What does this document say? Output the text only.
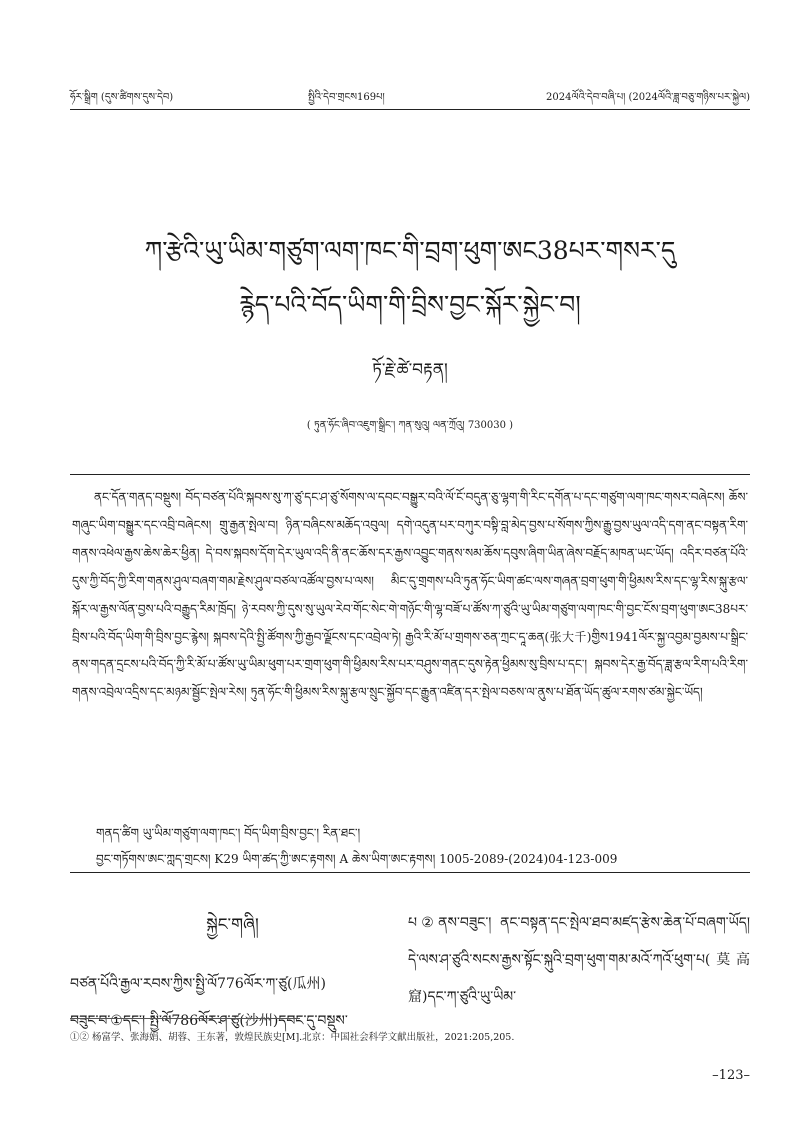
ཧོར་སྒྲིག (དུས་ཚིགས་དུས་དེབ)	སྤྱིའི་དེབ་གྲངས169པ།	2024ལོའི་དེབ་བཞི་པ། (2024ལོའི་ཟླ་བཅུ་གཉིས་པར་སྐྱེལ)
ཀ་རྩེའི་ཡུ་ཡིམ་གཙུག་ལག་ཁང་གི་བྲག་ཕུག་ཨང38པར་གསར་དུ
རྙེད་པའི་བོད་ཡིག་གི་བྲིས་བྱང་སྐོར་སྐྱེང་བ།
ཏོ་རྗེ་ཚེ་བརྟན།
( ཏུན་ཧོང་ཞིབ་འཇུག་སྒྲིང་། ཀན་སུའུ། ལན་ཀྲོའུ། 730030 )
ནང་དོན་གནད་བསྡུས། བོད་བཙན་པོའི་སྐབས་སུ་ཀ་ཙུ་དང་ཤ་ཙུ་སོགས་ལ་དབང་བསྒྱུར་བའི་ལོ་ངོ་བདུན་ཅུ་ལྷག་གི་རིང་དགོན་པ་དང་གཙུག་ལག་ཁང་གསར་བཞེངས། ཆོས་གཞུང་ཡིག་བསྒྱུར་དང་འབྲི་བཞེངས། གྲུ་རྒྱན་སྤེལ་བ། ཉིན་བཞིངས་མཆོད་འབུལ། དགེ་འདུན་པར་བཀུར་བསྟི་བླ་མེད་བྱས་པ་སོགས་ཀྱིས་རྒྱུ་བྱས་ཡུལ་འདི་དག་ནང་བསྟན་རིག་གནས་འཕེལ་རྒྱས་ཆེས་ཆེར་ཕྱིན། དེ་བས་སྐབས་དོག་དེར་ཡུལ་འདི་ནི་ནང་ཆོས་དར་རྒྱས་འབྱུང་གནས་སམ་ཆོས་དབུས་ཞིག་ཡིན་ཞེས་བརྗོད་མཁན་ཡང་ཡོད། འདིར་བཙན་པོའི་དུས་ཀྱི་བོད་ཀྱི་རིག་གནས་ཤུལ་བཞག་གམ་རྗེས་ཤུལ་བཙལ་འཚོལ་བྱས་པ་ལས། མིང་དུ་གྲགས་པའི་ཏུན་ཧོང་ཡིག་ཚང་ལས་གཞན་བྲག་ཕུག་གི་ཕྱིམས་རིས་དང་ལྷ་རིས་སྐུ་རྩལ་སྐོར་ལ་རྒྱས་ལོན་བྱས་པའི་བརྒྱུད་རིམ་ཁྲོད། ཉེ་རབས་ཀྱི་དུས་སུ་ཡུལ་རེབ་གོང་སེང་གེ་གཉོང་གི་ལྷ་བཟོ་པ་ཚོས་ཀ་ཙུའི་ཡུ་ཡིམ་གཙུག་ལག་ཁང་གི་བྱང་ངོས་བྲག་ཕུག་ཨང38པར་བྲིས་པའི་བོད་ཡིག་གི་བྲིས་བྱང་རྙེས། སྐབས་དེའི་སྤྱི་ཚོགས་ཀྱི་རྒྱབ་ལྗོངས་དང་འབྲེལ་ཏེ། རྒྱའི་རི་མོ་པ་གྲགས་ཅན་ཀྲང་དཱ་ཆན(张大千)གྱིས1941ལོར་སྐྱ་འབྱམ་བྱམས་པ་སྒྲིང་ནས་གདན་དྲངས་པའི་བོད་ཀྱི་རི་མོ་པ་ཚོས་ཡུ་ཡིམ་ཕུག་པར་གྲག་ཕུག་གི་ཕྱིམས་རིས་པར་བཤུས་གནང་དུས་རྟེན་ཕྱིམས་སུ་བྲིས་པ་དང་། སྐབས་དེར་རྒྱ་བོད་ཟླ་རྩལ་རིག་པའི་རིག་གནས་འབྲེལ་འདྲིས་དང་མཉམ་སྦྱོང་སྤེལ་རེས། ཏུན་ཧོང་གི་ཕྱིམས་རིས་སྐུ་རྩལ་སྲུང་སྐྱོབ་དང་རྒྱུན་འཛིན་དར་སྤེལ་བཅས་ལ་ནུས་པ་ཐོན་ཡོད་ཚུལ་རགས་ཙམ་སྐྱེང་ཡོད།
གནད་ཚིག ཡུ་ཡིམ་གཙུག་ལག་ཁང་། བོད་ཡིག་བྲིས་བྱང་། རིན་ཐང་།
བྱང་གཏོགས་ཨང་ཀླད་གྲངས། K29 ཡིག་ཚད་ཀྱི་ཨང་རྟགས། A ཆེས་ཡིག་ཨང་རྟགས། 1005-2089-(2024)04-123-009
སྐྱེང་གཞི།

བཙན་པོའི་རྒྱལ་རབས་ཀྱིས་སྤྱི་ལོ776ལོར་ཀ་ཙུ(瓜州)

བཟུང་བ་①དང་། སྤྱི་ལོ786ལོར་ཤ་ཙུ(沙州)དབང་དུ་བསྡུས་

པ②ནས་བཟུང་། ནང་བསྟན་དང་སྤེལ་ཐབ་མཛད་རྩེས་ཆེན་པོ་བཞག་ཡོད། དེ་ལས་ཤ་ཙུའི་སངས་རྒྱས་སྟོང་སྐུའི་བྲག་ཕུག་གམ་མའོ་ཀའོ་ཕུག་པ(莫高窟)དང་ཀ་ཙུའི་ཡུ་ཡིམ་
①② 杨富学、张海娟、胡蓉、王东著，敦煌民族史[M].北京：中国社会科学文献出版社，2021:205,205.
–123–
